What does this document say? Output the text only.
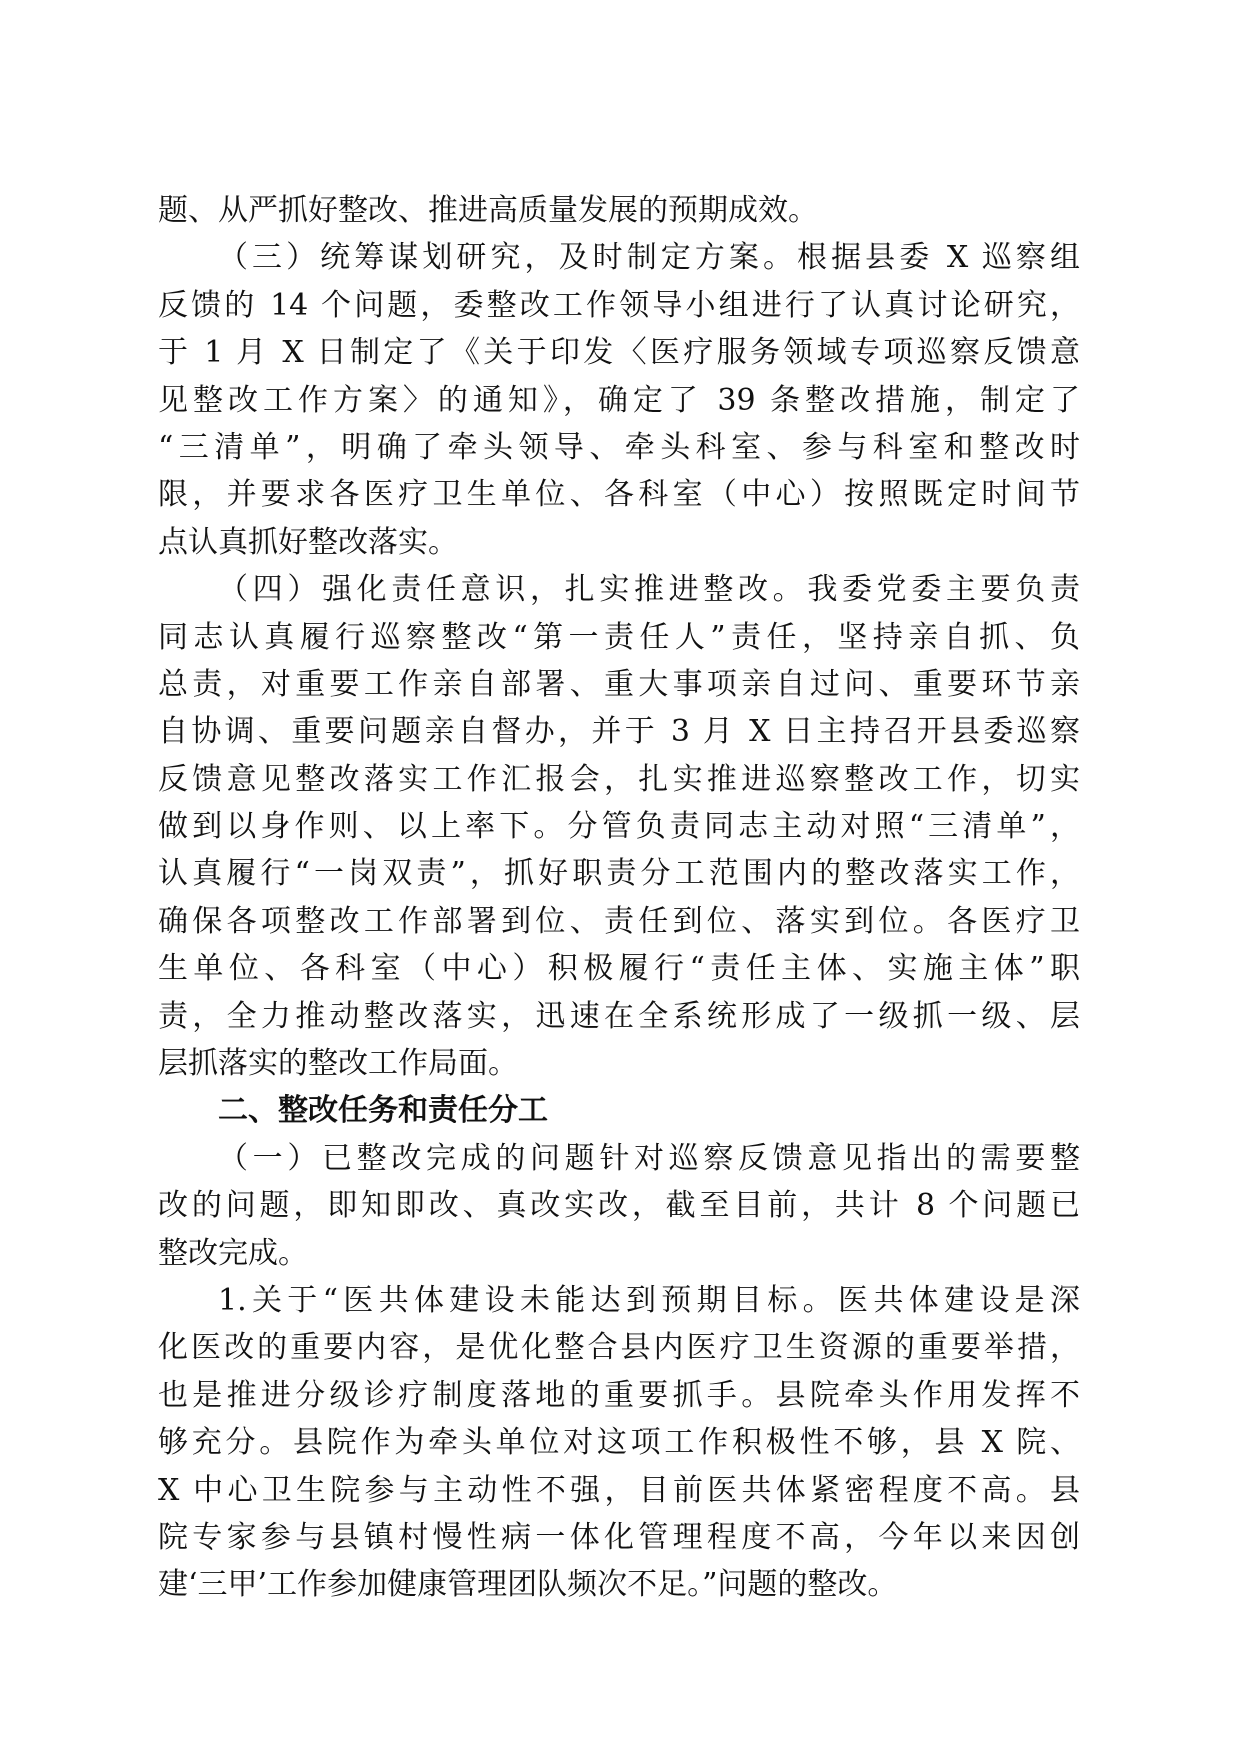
题、从严抓好整改、推进高质量发展的预期成效。
（三）统筹谋划研究，及时制定方案。根据县委 X 巡察组
反馈的 14 个问题，委整改工作领导小组进行了认真讨论研究，
于 1 月 X 日制定了《关于印发〈医疗服务领域专项巡察反馈意
见整改工作方案〉的通知》，确定了 39 条整改措施，制定了
“三清单”，明确了牵头领导、牵头科室、参与科室和整改时
限，并要求各医疗卫生单位、各科室（中心）按照既定时间节
点认真抓好整改落实。
（四）强化责任意识，扎实推进整改。我委党委主要负责
同志认真履行巡察整改“第一责任人”责任，坚持亲自抓、负
总责，对重要工作亲自部署、重大事项亲自过问、重要环节亲
自协调、重要问题亲自督办，并于 3 月 X 日主持召开县委巡察
反馈意见整改落实工作汇报会，扎实推进巡察整改工作，切实
做到以身作则、以上率下。分管负责同志主动对照“三清单”，
认真履行“一岗双责”，抓好职责分工范围内的整改落实工作，
确保各项整改工作部署到位、责任到位、落实到位。各医疗卫
生单位、各科室（中心）积极履行“责任主体、实施主体”职
责，全力推动整改落实，迅速在全系统形成了一级抓一级、层
层抓落实的整改工作局面。
二、整改任务和责任分工
（一）已整改完成的问题针对巡察反馈意见指出的需要整
改的问题，即知即改、真改实改，截至目前，共计 8 个问题已
整改完成。
1.关于“医共体建设未能达到预期目标。医共体建设是深
化医改的重要内容，是优化整合县内医疗卫生资源的重要举措，
也是推进分级诊疗制度落地的重要抓手。县院牵头作用发挥不
够充分。县院作为牵头单位对这项工作积极性不够，县 X 院、
X 中心卫生院参与主动性不强，目前医共体紧密程度不高。县
院专家参与县镇村慢性病一体化管理程度不高，今年以来因创
建‘三甲’工作参加健康管理团队频次不足。”问题的整改。
